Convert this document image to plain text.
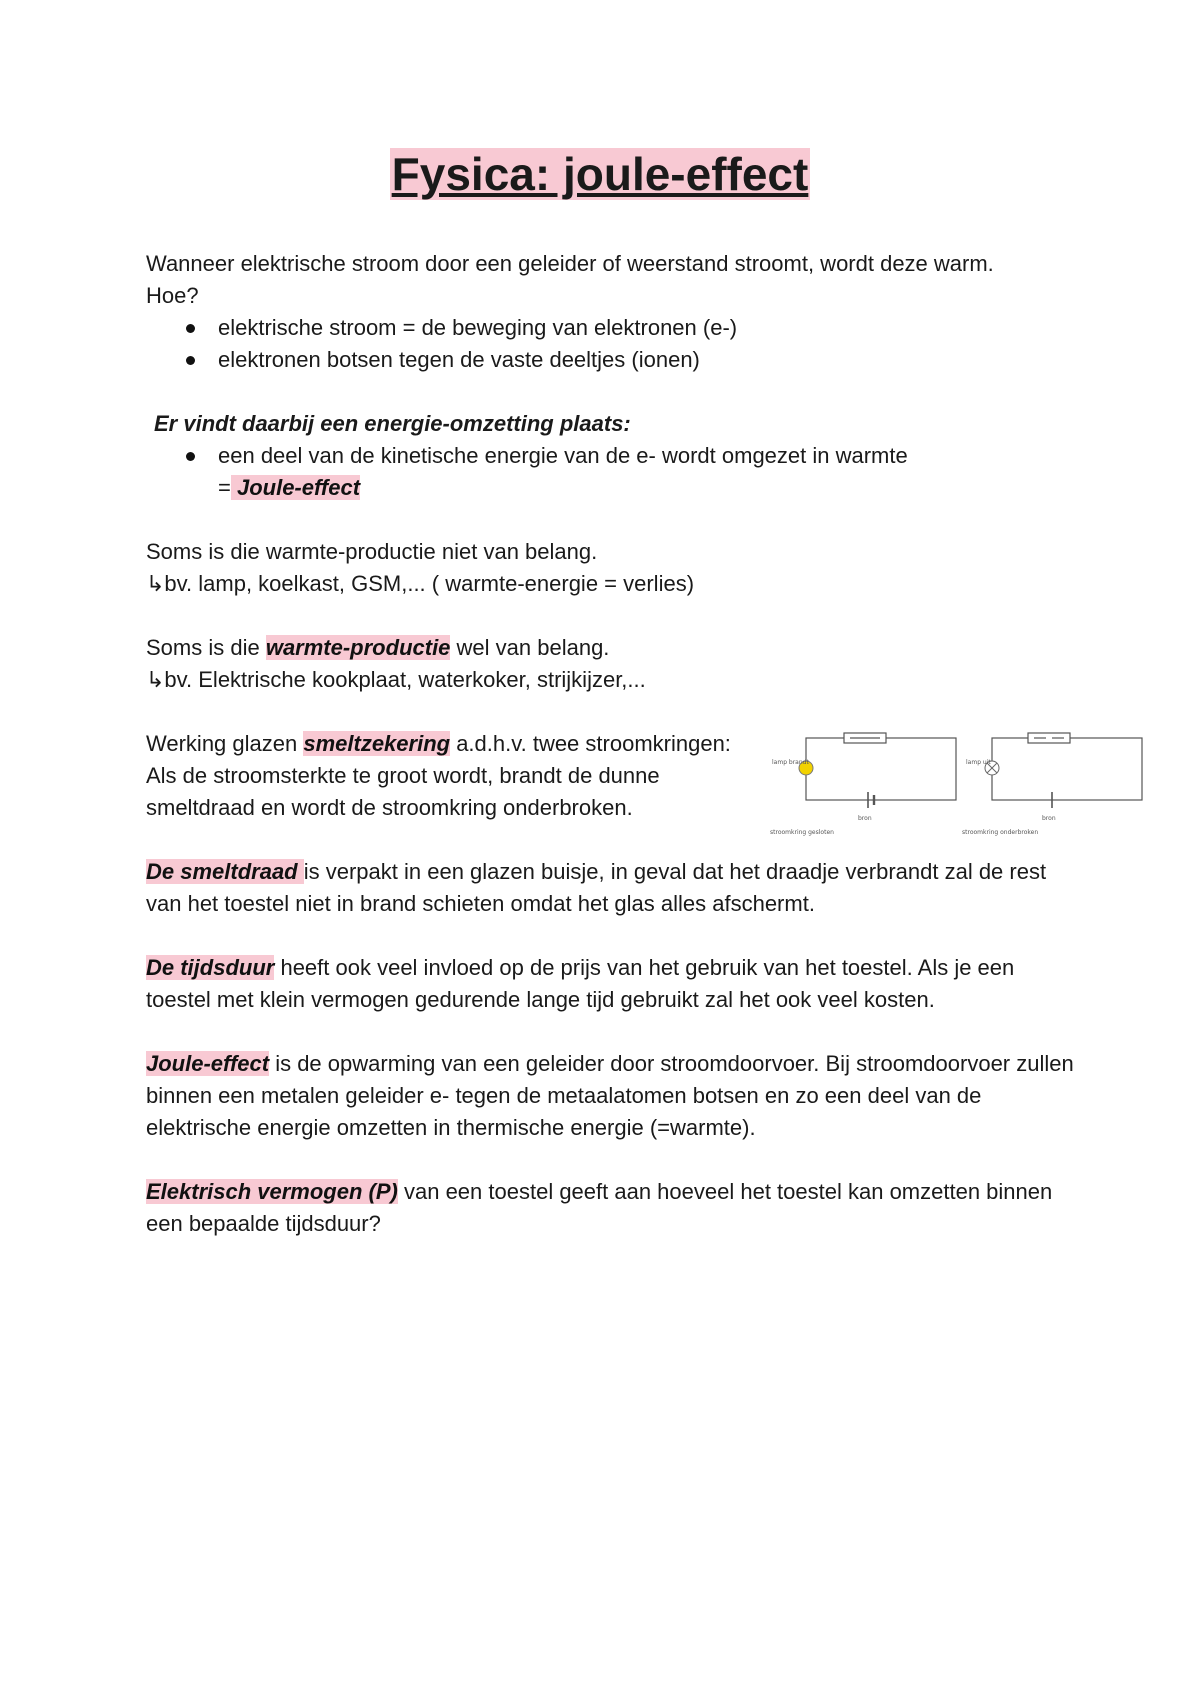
Fysica: joule-effect

Wanneer elektrische stroom door een geleider of weerstand stroomt, wordt deze warm.

Hoe?

elektrische stroom = de beweging van elektronen (e-)
elektronen botsen tegen de vaste deeltjes (ionen)

Er vindt daarbij een energie-omzetting plaats:

een deel van de kinetische energie van de e- wordt omgezet in warmte
= Joule-effect

Soms is die warmte-productie niet van belang.

↳bv. lamp, koelkast, GSM,... ( warmte-energie = verlies)

Soms is die warmte-productie wel van belang.

↳bv. Elektrische kookplaat, waterkoker, strijkijzer,...

Werking glazen smeltzekering a.d.h.v. twee stroomkringen:

Als de stroomsterkte te groot wordt, brandt de dunne smeltdraad en wordt de stroomkring onderbroken.

lamp brandt
bron
stroomkring gesloten
lamp uit
bron
stroomkring onderbroken

De smeltdraad is verpakt in een glazen buisje, in geval dat het draadje verbrandt zal de rest van het toestel niet in brand schieten omdat het glas alles afschermt.

De tijdsduur heeft ook veel invloed op de prijs van het gebruik van het toestel. Als je een toestel met klein vermogen gedurende lange tijd gebruikt zal het ook veel kosten.

Joule-effect is de opwarming van een geleider door stroomdoorvoer. Bij stroomdoorvoer zullen binnen een metalen geleider e- tegen de metaalatomen botsen en zo een deel van de elektrische energie omzetten in thermische energie (=warmte).

Elektrisch vermogen (P) van een toestel geeft aan hoeveel het toestel kan omzetten binnen een bepaalde tijdsduur?
